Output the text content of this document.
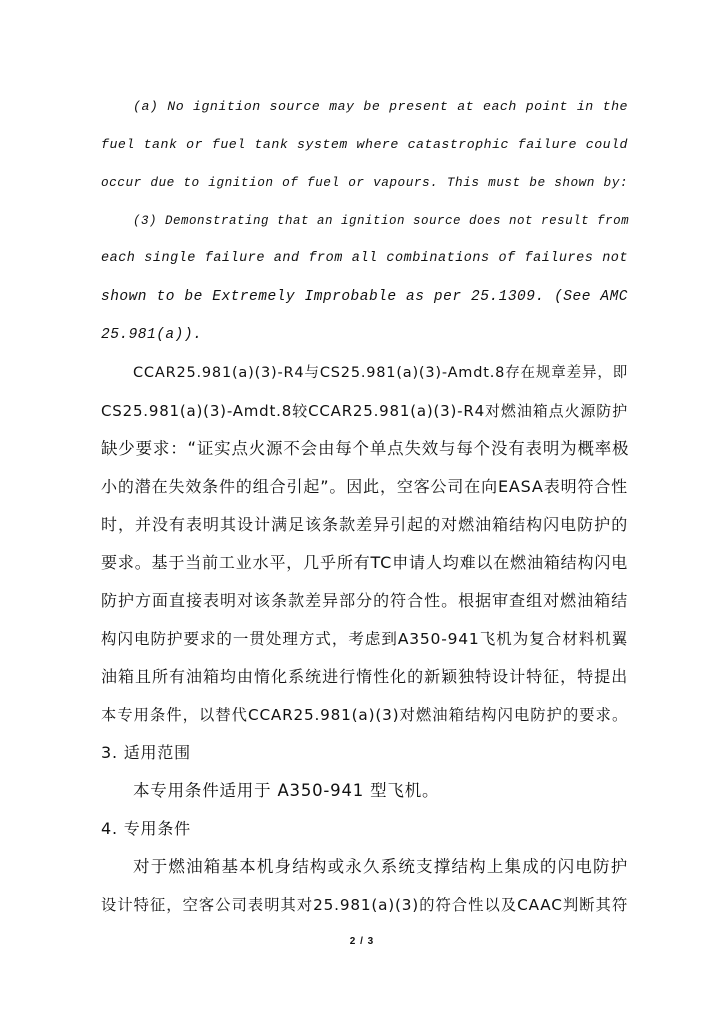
(a) No ignition source may be present at each point in the
fuel tank or fuel tank system where catastrophic failure could
occur due to ignition of fuel or vapours. This must be shown by:
(3) Demonstrating that an ignition source does not result from
each single failure and from all combinations of failures not
shown to be Extremely Improbable as per 25.1309. (See AMC
25.981(a)).
CCAR25.981(a)(3)-R4与CS25.981(a)(3)-Amdt.8存在规章差异，即
CS25.981(a)(3)-Amdt.8较CCAR25.981(a)(3)-R4对燃油箱点火源防护
缺少要求：“证实点火源不会由每个单点失效与每个没有表明为概率极
小的潜在失效条件的组合引起”。因此，空客公司在向EASA表明符合性
时，并没有表明其设计满足该条款差异引起的对燃油箱结构闪电防护的
要求。基于当前工业水平，几乎所有TC申请人均难以在燃油箱结构闪电
防护方面直接表明对该条款差异部分的符合性。根据审查组对燃油箱结
构闪电防护要求的一贯处理方式，考虑到A350-941飞机为复合材料机翼
油箱且所有油箱均由惰化系统进行惰性化的新颖独特设计特征，特提出
本专用条件，以替代CCAR25.981(a)(3)对燃油箱结构闪电防护的要求。
3. 适用范围
本专用条件适用于 A350-941 型飞机。
4. 专用条件
对于燃油箱基本机身结构或永久系统支撑结构上集成的闪电防护
设计特征，空客公司表明其对25.981(a)(3)的符合性以及CAAC判断其符
2 / 3
